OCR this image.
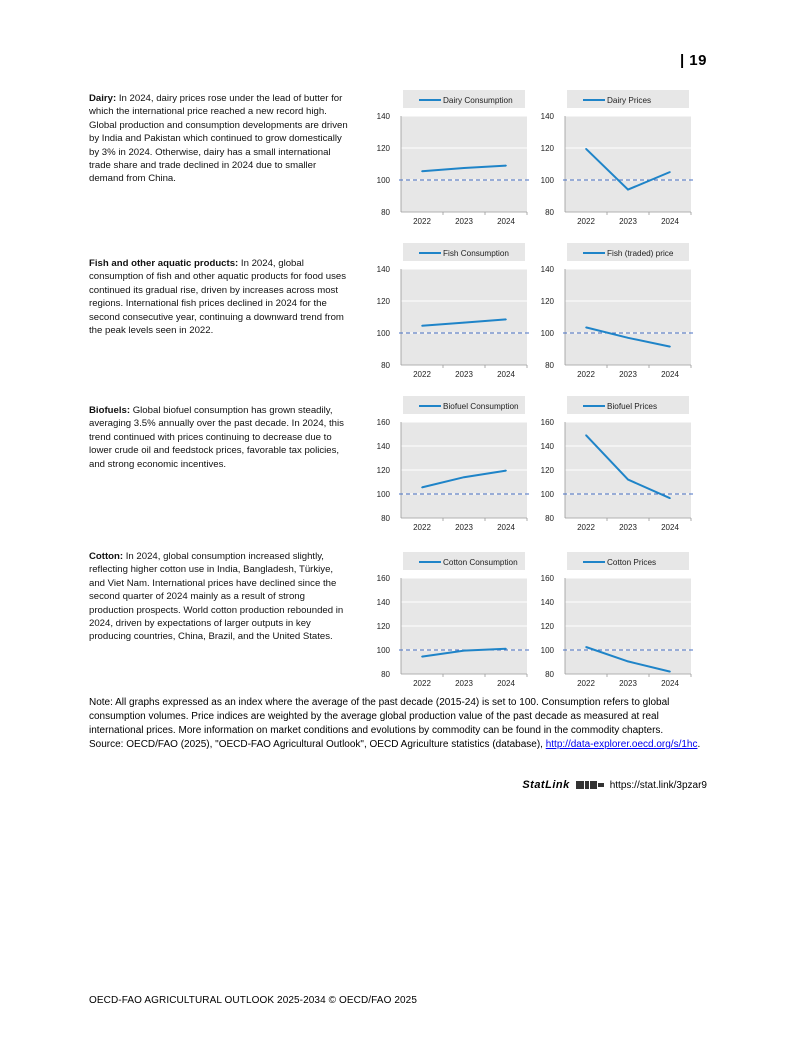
| 19
Dairy: In 2024, dairy prices rose under the lead of butter for which the international price reached a new record high. Global production and consumption developments are driven by India and Pakistan which continued to grow domestically by 3% in 2024. Otherwise, dairy has a small international trade share and trade declined in 2024 due to smaller demand from China.
Fish and other aquatic products: In 2024, global consumption of fish and other aquatic products for food uses continued its gradual rise, driven by increases across most regions. International fish prices declined in 2024 for the second consecutive year, continuing a downward trend from the peak levels seen in 2022.
Biofuels: Global biofuel consumption has grown steadily, averaging 3.5% annually over the past decade. In 2024, this trend continued with prices continuing to decrease due to lower crude oil and feedstock prices, favorable tax policies, and strong economic incentives.
Cotton: In 2024, global consumption increased slightly, reflecting higher cotton use in India, Bangladesh, Türkiye, and Viet Nam. International prices have declined since the second quarter of 2024 mainly as a result of strong production prospects. World cotton production rebounded in 2024, driven by expectations of larger outputs in key producing countries, China, Brazil, and the United States.
80
100
120
140
2022	2023	2024
Dairy Consumption
80
100
120
140
2022	2023	2024
Dairy Prices
80
100
120
140
2022	2023	2024
Fish Consumption
80
100
120
140
2022	2023	2024
Fish (traded) price
80
100
120
140
160
2022	2023	2024
Biofuel Consumption
80
100
120
140
160
2022	2023	2024
Biofuel Prices
80
100
120
140
160
2022	2023	2024
Cotton Consumption
80
100
120
140
160
2022	2023	2024
Cotton Prices
Note: All graphs expressed as an index where the average of the past decade (2015-24) is set to 100. Consumption refers to global consumption volumes. Price indices are weighted by the average global production value of the past decade as measured at real international prices. More information on market conditions and evolutions by commodity can be found in the commodity chapters.
Source: OECD/FAO (2025), "OECD-FAO Agricultural Outlook", OECD Agriculture statistics (database), http://data-explorer.oecd.org/s/1hc.
StatLink	https://stat.link/3pzar9
OECD-FAO AGRICULTURAL OUTLOOK 2025-2034 © OECD/FAO 2025
